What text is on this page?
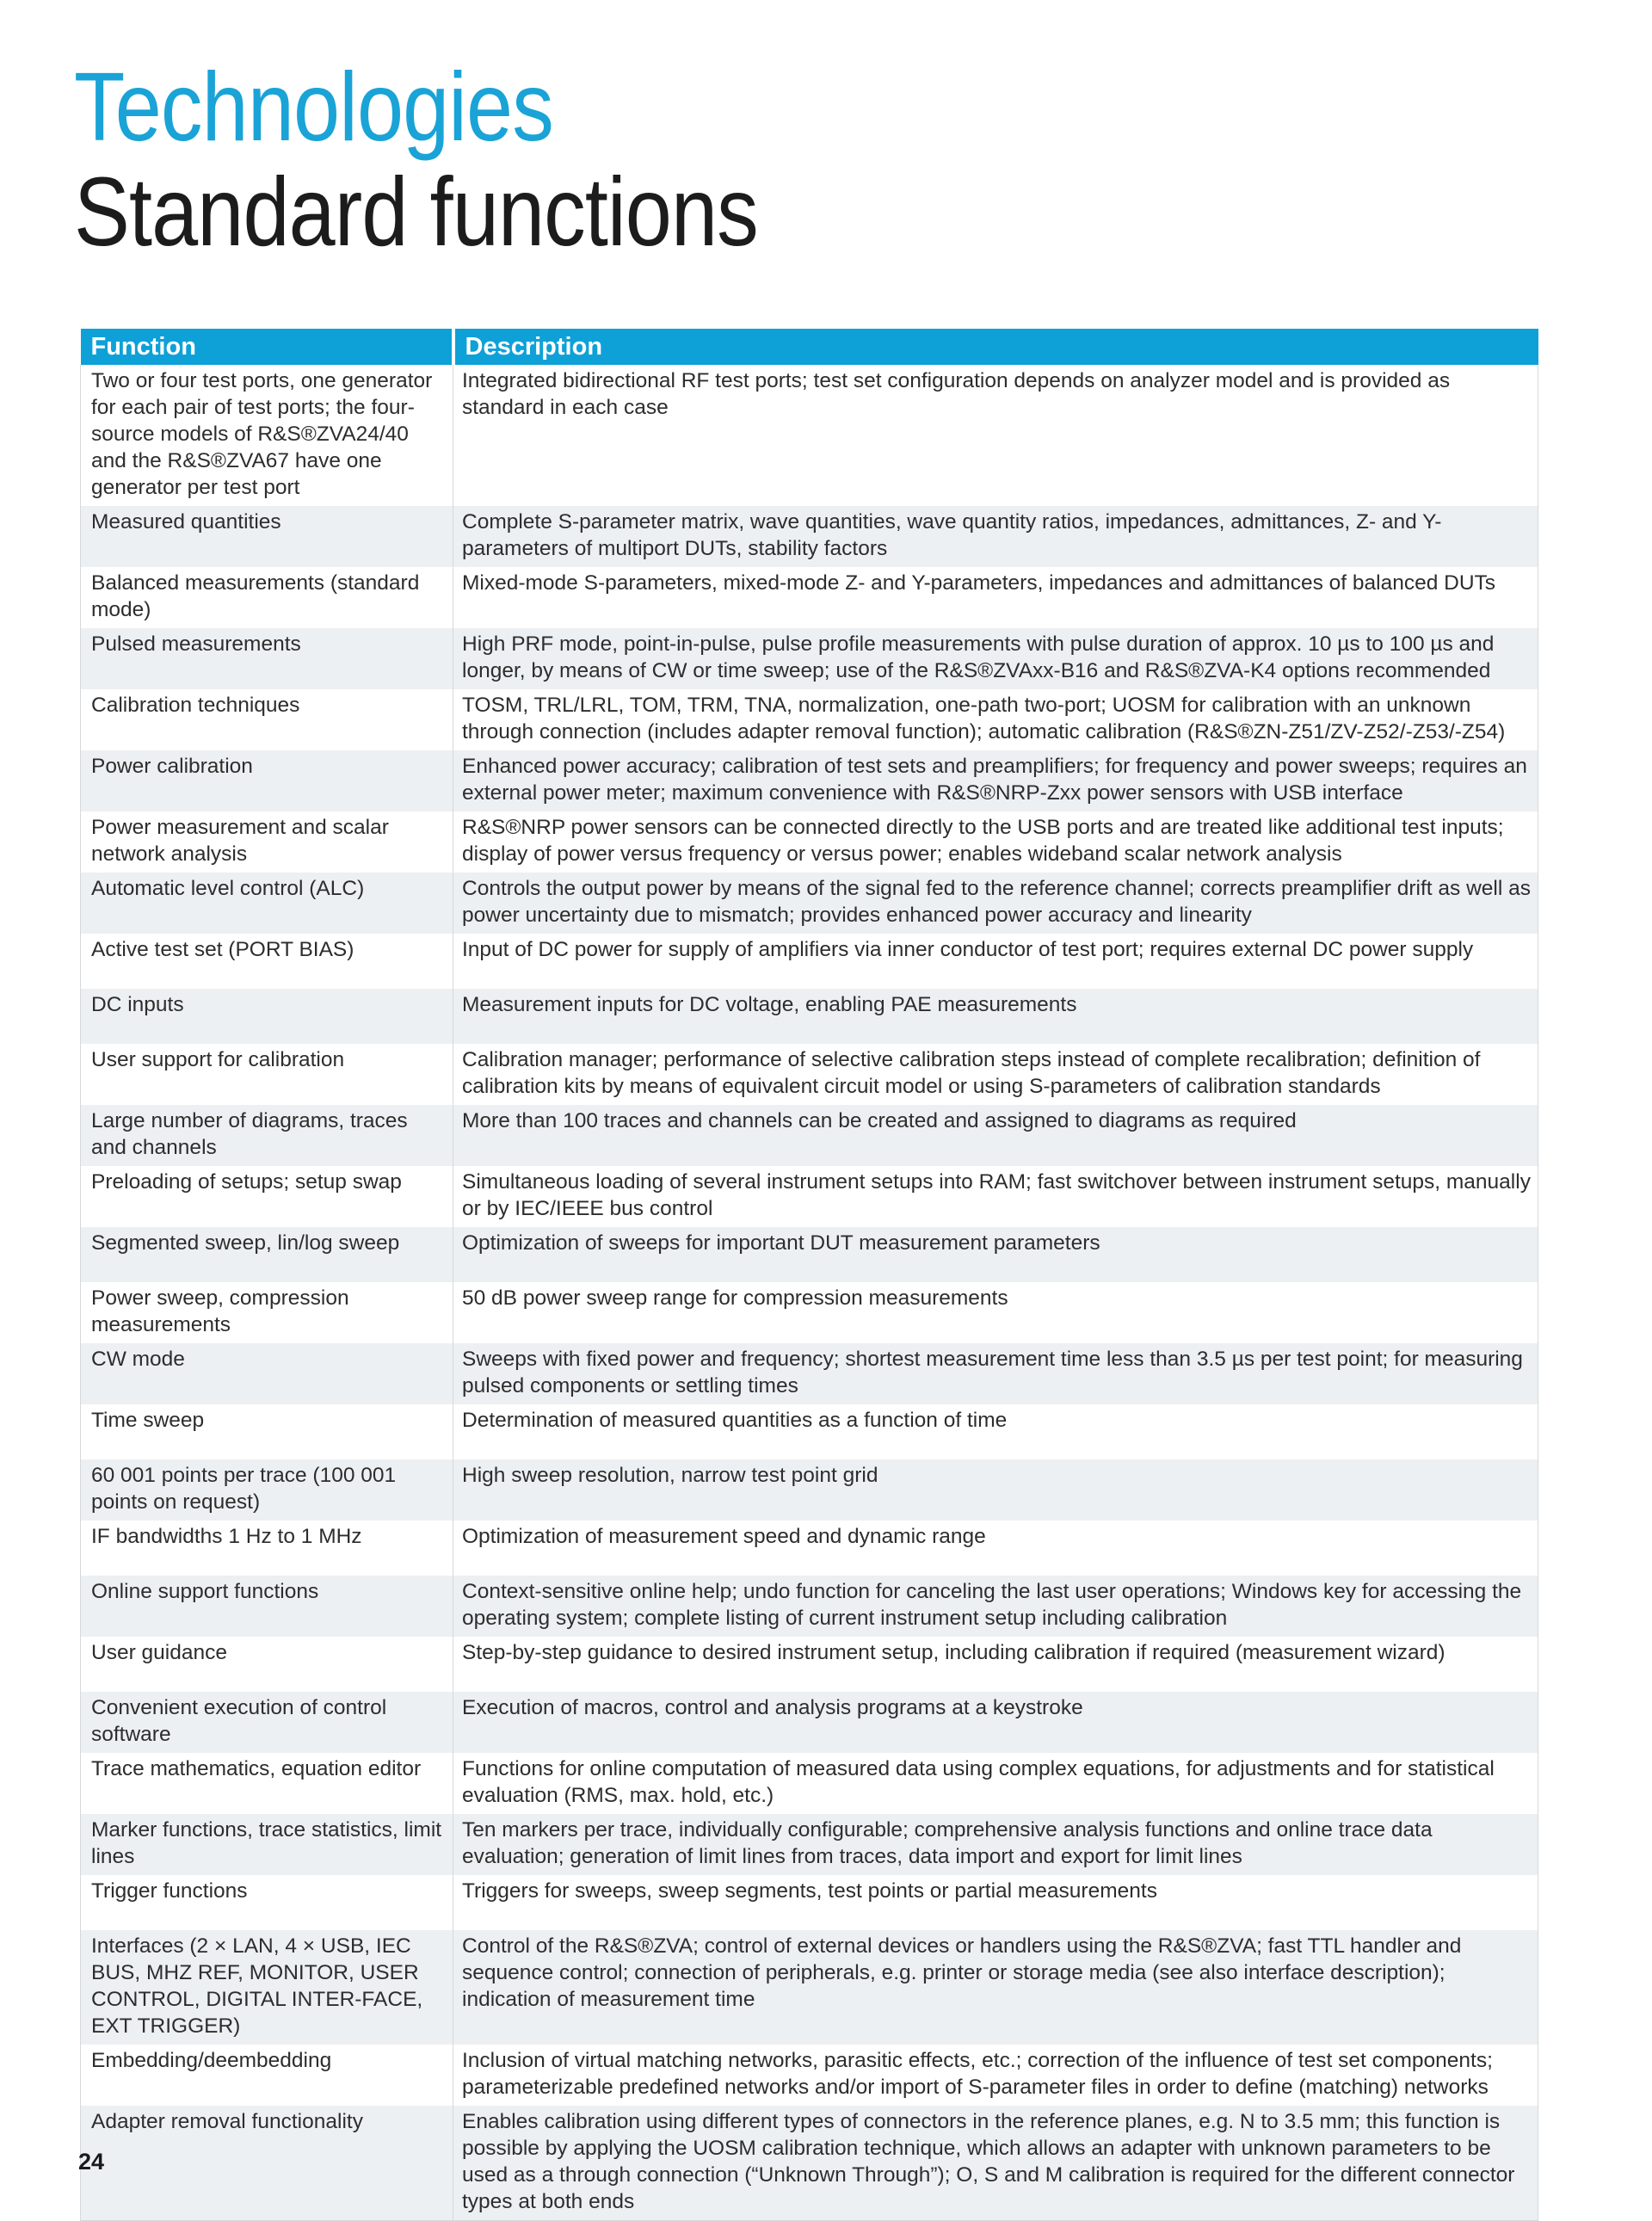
Technologies
Standard functions
Function	Description
Two or four test ports, one generator for each pair of test ports; the four-source models of R&S®ZVA24/40 and the R&S®ZVA67 have one generator per test port	Integrated bidirectional RF test ports; test set configuration depends on analyzer model and is provided as standard in each case
Measured quantities	Complete S-parameter matrix, wave quantities, wave quantity ratios, impedances, admittances, Z- and Y-parameters of multiport DUTs, stability factors
Balanced measurements (standard mode)	Mixed-mode S-parameters, mixed-mode Z- and Y-parameters, impedances and admittances of balanced DUTs
Pulsed measurements	High PRF mode, point-in-pulse, pulse profile measurements with pulse duration of approx. 10 µs to 100 µs and longer, by means of CW or time sweep; use of the R&S®ZVAxx-B16 and R&S®ZVA-K4 options recommended
Calibration techniques	TOSM, TRL/LRL, TOM, TRM, TNA, normalization, one-path two-port; UOSM for calibration with an unknown through connection (includes adapter removal function); automatic calibration (R&S®ZN-Z51/ZV-Z52/-Z53/-Z54)
Power calibration	Enhanced power accuracy; calibration of test sets and preamplifiers; for frequency and power sweeps; requires an external power meter; maximum convenience with R&S®NRP-Zxx power sensors with USB interface
Power measurement and scalar network analysis	R&S®NRP power sensors can be connected directly to the USB ports and are treated like additional test inputs; display of power versus frequency or versus power; enables wideband scalar network analysis
Automatic level control (ALC)	Controls the output power by means of the signal fed to the reference channel; corrects preamplifier drift as well as power uncertainty due to mismatch; provides enhanced power accuracy and linearity
Active test set (PORT BIAS)	Input of DC power for supply of amplifiers via inner conductor of test port; requires external DC power supply
DC inputs	Measurement inputs for DC voltage, enabling PAE measurements
User support for calibration	Calibration manager; performance of selective calibration steps instead of complete recalibration; definition of calibration kits by means of equivalent circuit model or using S-parameters of calibration standards
Large number of diagrams, traces and channels	More than 100 traces and channels can be created and assigned to diagrams as required
Preloading of setups; setup swap	Simultaneous loading of several instrument setups into RAM; fast switchover between instrument setups, manually or by IEC/IEEE bus control
Segmented sweep, lin/log sweep	Optimization of sweeps for important DUT measurement parameters
Power sweep, compression measurements	50 dB power sweep range for compression measurements
CW mode	Sweeps with fixed power and frequency; shortest measurement time less than 3.5 µs per test point; for measuring pulsed components or settling times
Time sweep	Determination of measured quantities as a function of time
60 001 points per trace (100 001 points on request)	High sweep resolution, narrow test point grid
IF bandwidths 1 Hz to 1 MHz	Optimization of measurement speed and dynamic range
Online support functions	Context-sensitive online help; undo function for canceling the last user operations; Windows key for accessing the operating system; complete listing of current instrument setup including calibration
User guidance	Step-by-step guidance to desired instrument setup, including calibration if required (measurement wizard)
Convenient execution of control software	Execution of macros, control and analysis programs at a keystroke
Trace mathematics, equation editor	Functions for online computation of measured data using complex equations, for adjustments and for statistical evaluation (RMS, max. hold, etc.)
Marker functions, trace statistics, limit lines	Ten markers per trace, individually configurable; comprehensive analysis functions and online trace data evaluation; generation of limit lines from traces, data import and export for limit lines
Trigger functions	Triggers for sweeps, sweep segments, test points or partial measurements
Interfaces (2 × LAN, 4 × USB, IEC BUS, MHZ REF, MONITOR, USER CONTROL, DIGITAL INTER-FACE, EXT TRIGGER)	Control of the R&S®ZVA; control of external devices or handlers using the R&S®ZVA; fast TTL handler and sequence control; connection of peripherals, e.g. printer or storage media (see also interface description); indication of measurement time
Embedding/deembedding	Inclusion of virtual matching networks, parasitic effects, etc.; correction of the influence of test set components; parameterizable predefined networks and/or import of S-parameter files in order to define (matching) networks
Adapter removal functionality	Enables calibration using different types of connectors in the reference planes, e.g. N to 3.5 mm; this function is possible by applying the UOSM calibration technique, which allows an adapter with unknown parameters to be used as a through connection (“Unknown Through”); O, S and M calibration is required for the different connector types at both ends
24
